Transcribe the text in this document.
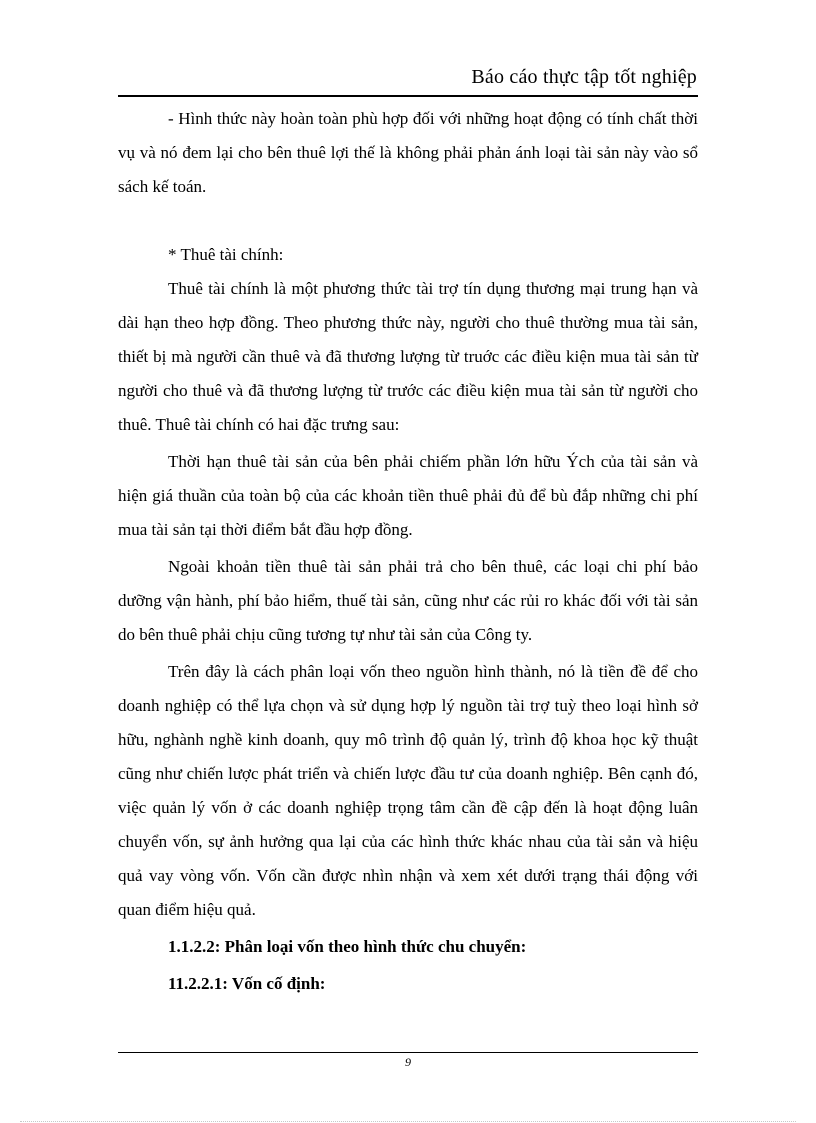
Báo cáo thực tập tốt nghiệp

- Hình thức này hoàn toàn phù hợp đối với những hoạt động có tính chất thời vụ và nó đem lại cho bên thuê lợi thế là không phải phản ánh loại tài sản này vào sổ sách kế toán.

* Thuê tài chính:

Thuê tài chính là một phương thức tài trợ tín dụng thương mại trung hạn và dài hạn theo hợp đồng. Theo phương thức này, người cho thuê thường mua tài sản, thiết bị mà người cần thuê và đã thương lượng từ truớc các điều kiện mua tài sản từ người cho thuê và đã thương lượng từ trước các điều kiện mua tài sản từ người cho thuê. Thuê tài chính có hai đặc trưng sau:

Thời hạn thuê tài sản của bên phải chiếm phần lớn hữu Ých của tài sản và hiện giá thuần của toàn bộ của các khoản tiền thuê phải đủ để bù đắp những chi phí mua tài sản tại thời điểm bắt đầu hợp đồng.

Ngoài khoản tiền thuê tài sản phải trả cho bên thuê, các loại chi phí bảo dưỡng vận hành, phí bảo hiểm, thuế tài sản, cũng như các rủi ro khác đối với tài sản do bên thuê phải chịu cũng tương tự như tài sản của Công ty.

Trên đây là cách phân loại vốn theo nguồn hình thành, nó là tiền đề để cho doanh nghiệp có thể lựa chọn và sử dụng hợp lý nguồn tài trợ tuỳ theo loại hình sở hữu, nghành nghề kinh doanh, quy mô trình độ quản lý, trình độ khoa học kỹ thuật cũng như chiến lược phát triển và chiến lược đầu tư của doanh nghiệp. Bên cạnh đó, việc quản lý vốn ở các doanh nghiệp trọng tâm cần đề cập đến là hoạt động luân chuyển vốn, sự ảnh hưởng qua lại của các hình thức khác nhau của tài sản và hiệu quả vay vòng vốn. Vốn cần được nhìn nhận và xem xét dưới trạng thái động với quan điểm hiệu quả.

1.1.2.2: Phân loại vốn theo hình thức chu chuyển:

11.2.2.1: Vốn cố định:

9
